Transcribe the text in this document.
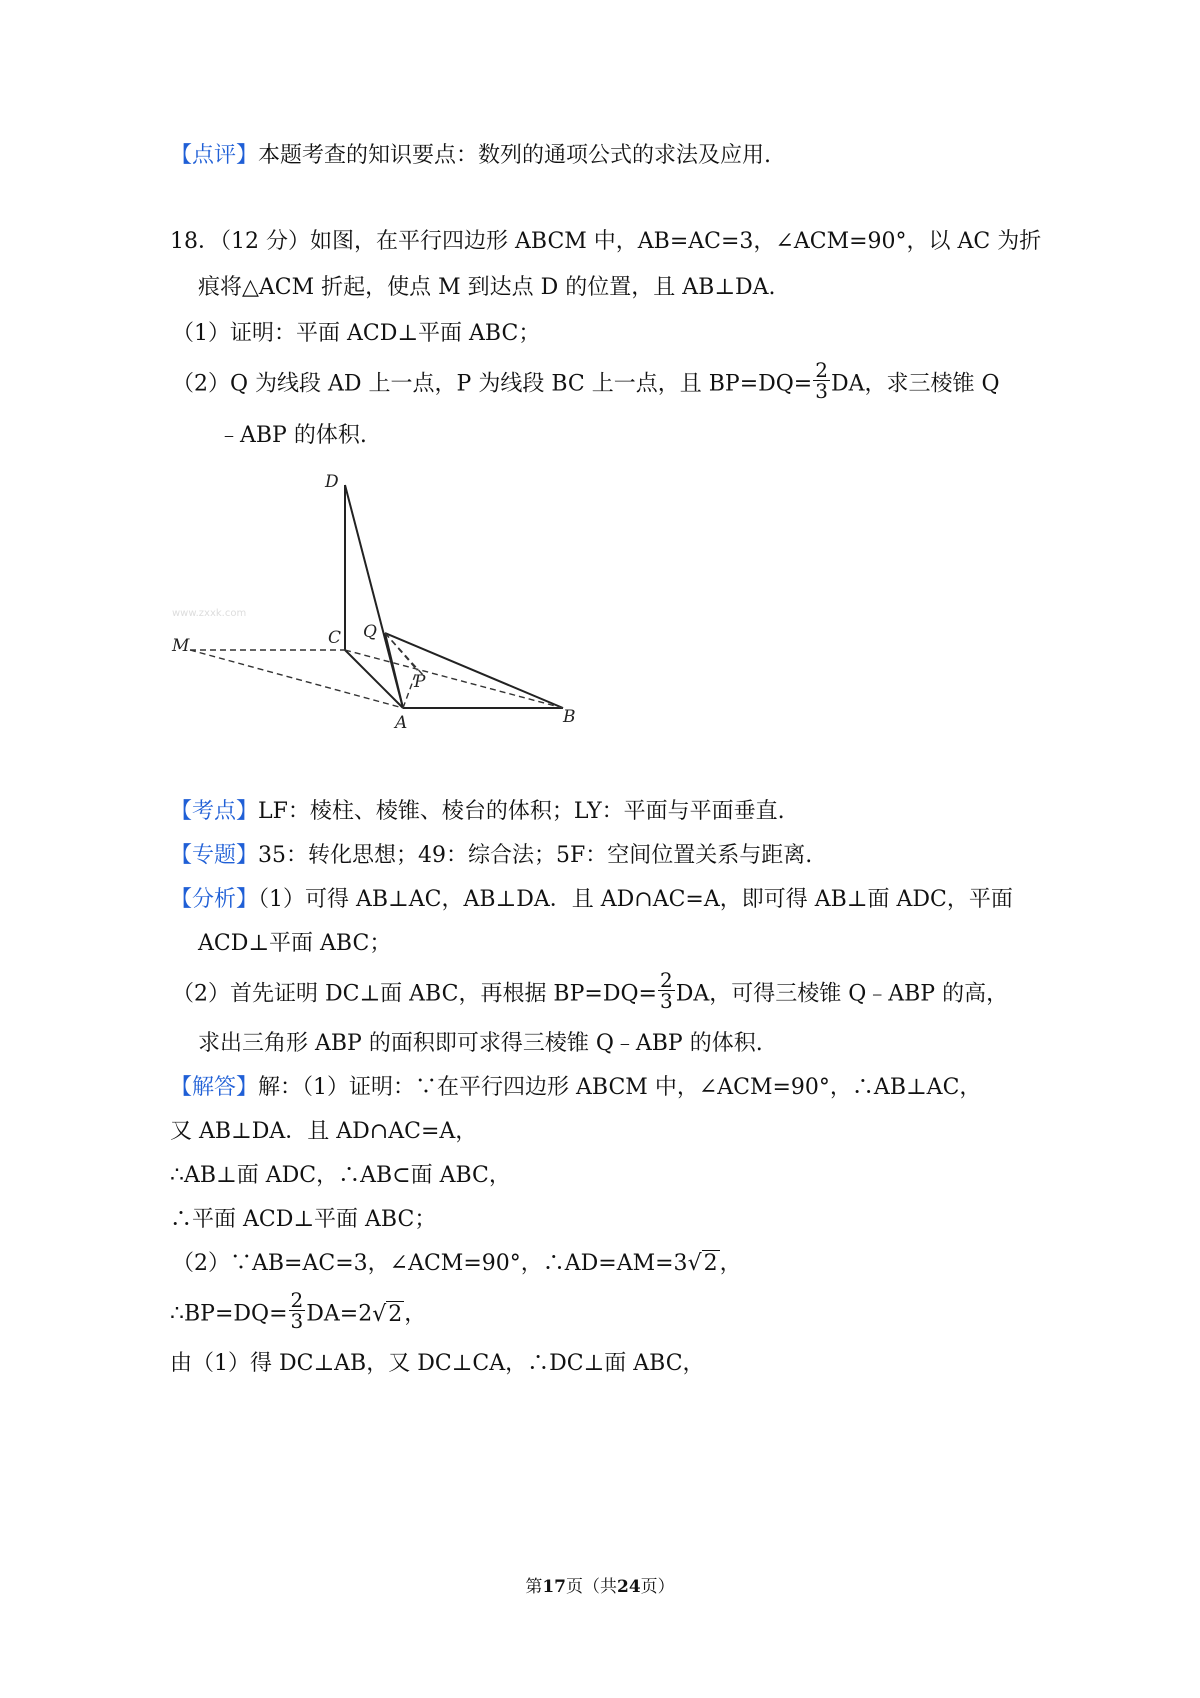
【点评】本题考查的知识要点：数列的通项公式的求法及应用.
18．（12 分）如图，在平行四边形 ABCM 中，AB=AC=3，∠ACM=90°，以 AC 为折
痕将△ACM 折起，使点 M 到达点 D 的位置，且 AB⊥DA.
（1）证明：平面 ACD⊥平面 ABC；
（2）Q 为线段 AD 上一点，P 为线段 BC 上一点，且 $BP=DQ= \frac{2}{3}$ DA，求三棱锥 Q
﹣ABP 的体积.
D
C Q
M
P
A	B
www.zxxk.com
【考点】LF：棱柱、棱锥、棱台的体积；LY：平面与平面垂直.
【专题】35：转化思想；49：综合法；5F：空间位置关系与距离.
【分析】（1）可得 AB⊥AC，AB⊥DA．且 AD∩AC=A，即可得 AB⊥面 ADC，平面
ACD⊥平面 ABC；
（2）首先证明 DC⊥面 ABC，再根据 $BP=DQ= \frac{2}{3}$ DA，可得三棱锥 Q﹣ABP 的高，
求出三角形 ABP 的面积即可求得三棱锥 Q﹣ABP 的体积.
【解答】解：（1）证明：∵在平行四边形 ABCM 中，∠ACM=90°，∴AB⊥AC，
又 AB⊥DA．且 AD∩AC=A，
∴AB⊥面 ADC，∴AB⊂面 ABC，
∴平面 ACD⊥平面 ABC；
（2）∵AB=AC=3，∠ACM=90°，∴AD=AM=3√2，
∴BP=DQ= $\frac{2}{3} DA=2√2$，
由（1）得 DC⊥AB，又 DC⊥CA，∴DC⊥面 ABC，
第17页（共24页）
